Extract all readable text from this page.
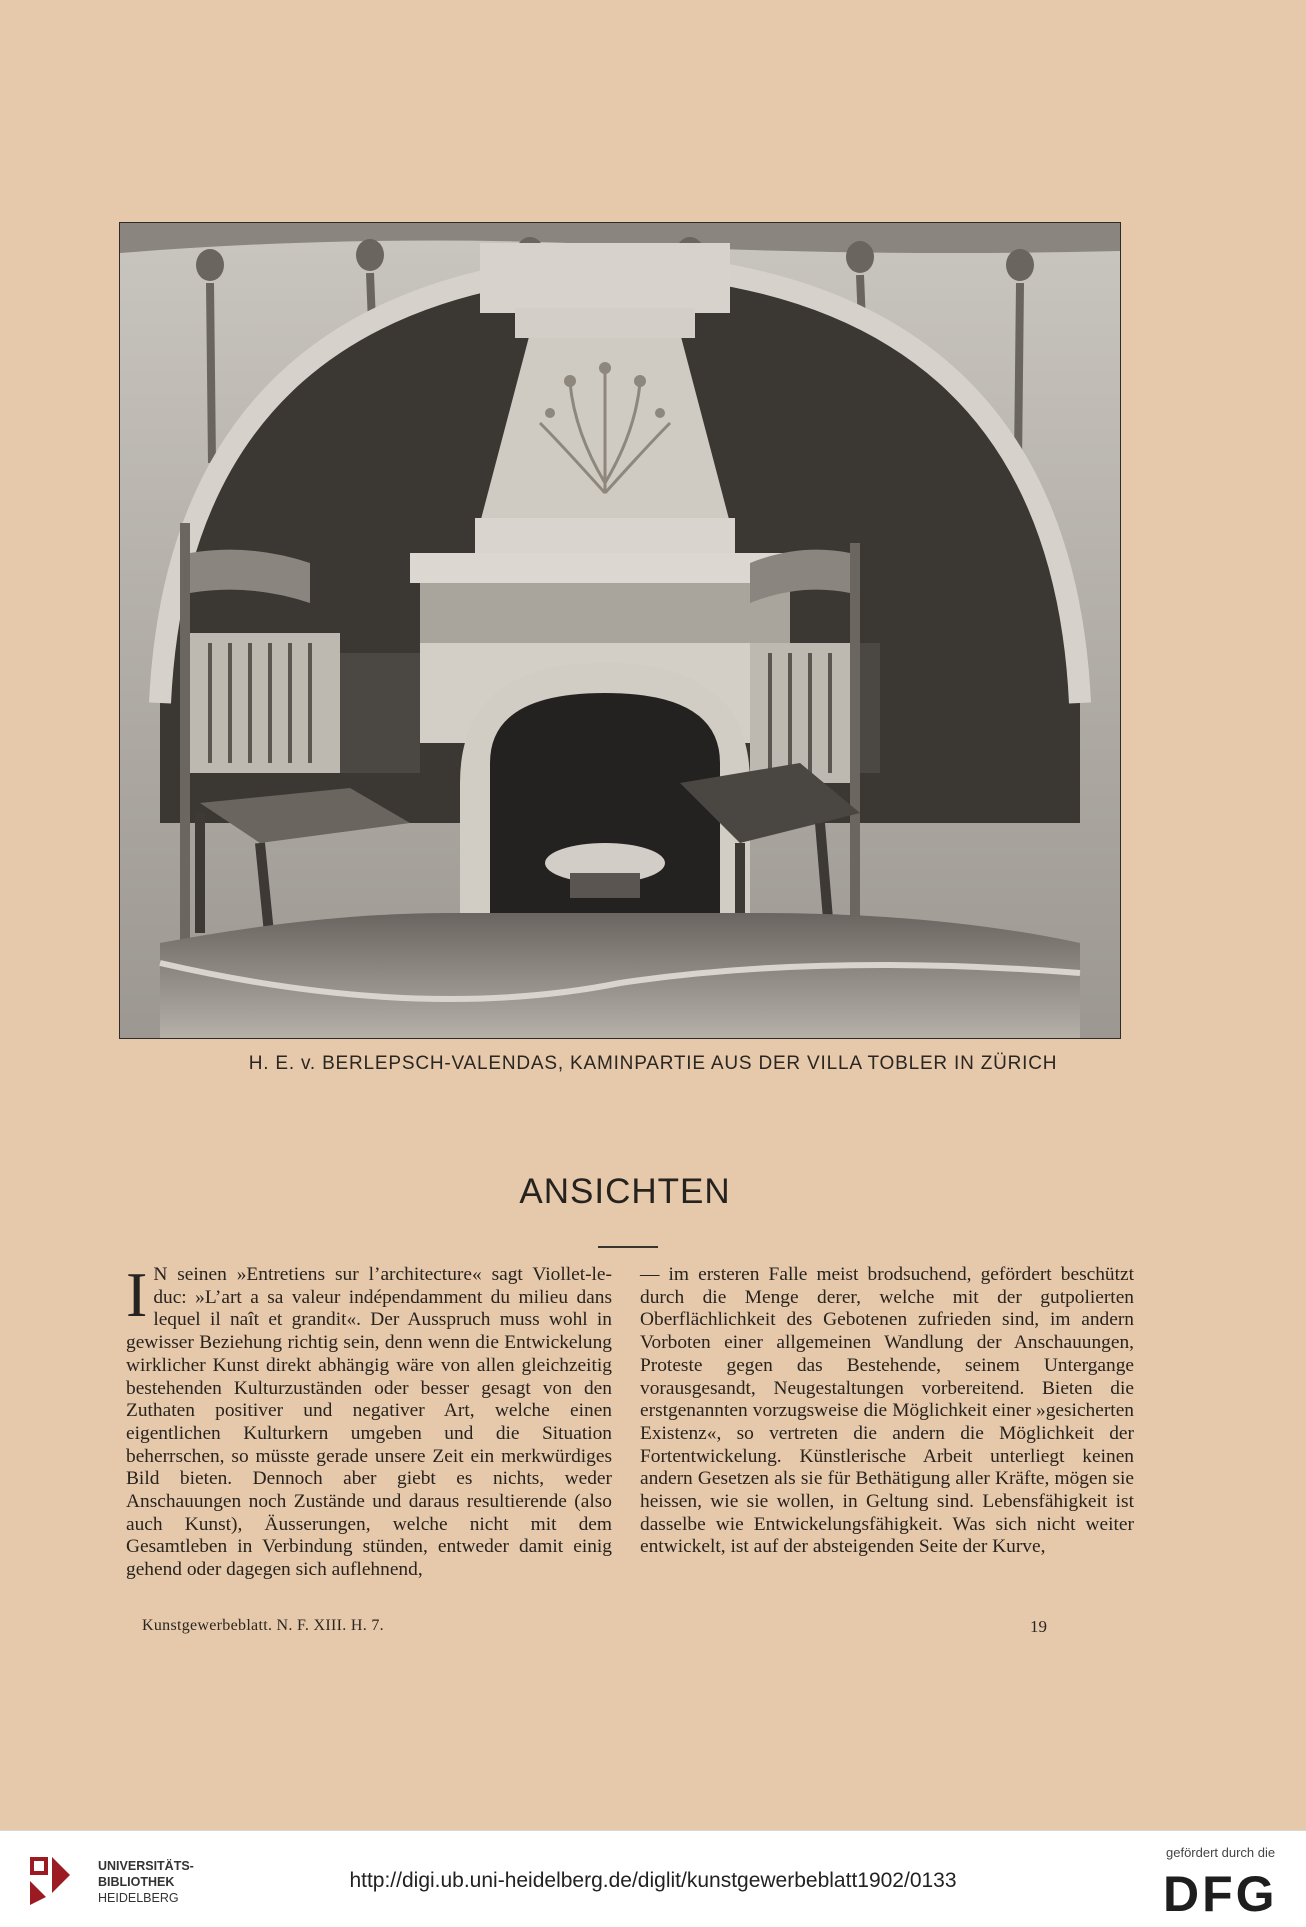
H. E. v. BERLEPSCH-VALENDAS, KAMINPARTIE AUS DER VILLA TOBLER IN ZÜRICH
ANSICHTEN
I N seinen »Entretiens sur l’architecture« sagt Viollet-le-duc: »L’art a sa valeur indépendamment du milieu dans lequel il naît et grandit«. Der Ausspruch muss wohl in gewisser Beziehung richtig sein, denn wenn die Entwickelung wirklicher Kunst direkt abhängig wäre von allen gleichzeitig bestehenden Kulturzuständen oder besser gesagt von den Zuthaten positiver und negativer Art, welche einen eigentlichen Kulturkern umgeben und die Situation beherrschen, so müsste gerade unsere Zeit ein merkwürdiges Bild bieten. Dennoch aber giebt es nichts, weder Anschauungen noch Zustände und daraus resultierende (also auch Kunst), Äusserungen, welche nicht mit dem Gesamtleben in Verbindung stünden, entweder damit einig gehend oder dagegen sich auflehnend,
— im ersteren Falle meist brodsuchend, gefördert beschützt durch die Menge derer, welche mit der gutpolierten Oberflächlichkeit des Gebotenen zufrieden sind, im andern Vorboten einer allgemeinen Wandlung der Anschauungen, Proteste gegen das Bestehende, seinem Untergange vorausgesandt, Neugestaltungen vorbereitend. Bieten die erstgenannten vorzugsweise die Möglichkeit einer »gesicherten Existenz«, so vertreten die andern die Möglichkeit der Fortentwickelung. Künstlerische Arbeit unterliegt keinen andern Gesetzen als sie für Bethätigung aller Kräfte, mögen sie heissen, wie sie wollen, in Geltung sind. Lebensfähigkeit ist dasselbe wie Entwickelungsfähigkeit. Was sich nicht weiter entwickelt, ist auf der absteigenden Seite der Kurve,
Kunstgewerbeblatt. N. F. XIII. H. 7.	19
UNIVERSITÄTS-
BIBLIOTHEK
HEIDELBERG
http://digi.ub.uni-heidelberg.de/diglit/kunstgewerbeblatt1902/0133
gefördert durch die
DFG
